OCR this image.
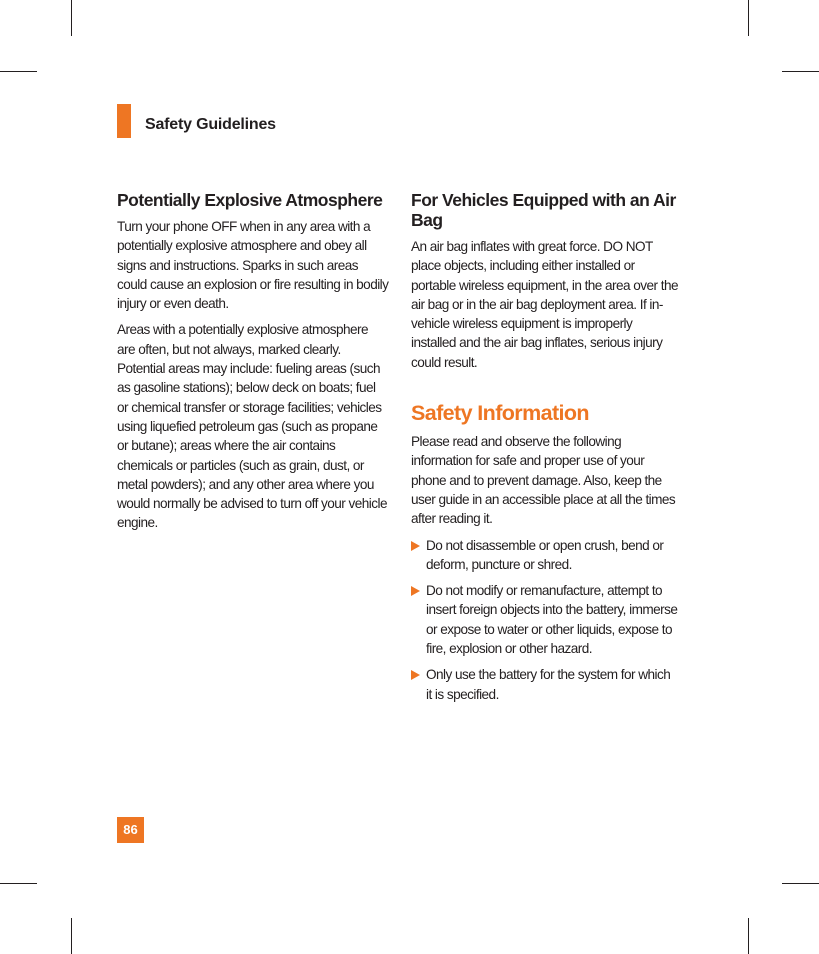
Safety Guidelines
Potentially Explosive Atmosphere

Turn your phone OFF when in any area with a potentially explosive atmosphere and obey all signs and instructions. Sparks in such areas could cause an explosion or fire resulting in bodily injury or even death.

Areas with a potentially explosive atmosphere are often, but not always, marked clearly. Potential areas may include: fueling areas (such as gasoline stations); below deck on boats; fuel or chemical transfer or storage facilities; vehicles using liquefied petroleum gas (such as propane or butane); areas where the air contains chemicals or particles (such as grain, dust, or metal powders); and any other area where you would normally be advised to turn off your vehicle engine.

For Vehicles Equipped with an Air Bag

An air bag inflates with great force. DO NOT place objects, including either installed or portable wireless equipment, in the area over the air bag or in the air bag deployment area. If in-vehicle wireless equipment is improperly installed and the air bag inflates, serious injury could result.

Safety Information

Please read and observe the following information for safe and proper use of your phone and to prevent damage. Also, keep the user guide in an accessible place at all the times after reading it.

Do not disassemble or open crush, bend or deform, puncture or shred.
Do not modify or remanufacture, attempt to insert foreign objects into the battery, immerse or expose to water or other liquids, expose to fire, explosion or other hazard.
Only use the battery for the system for which it is specified.
86
